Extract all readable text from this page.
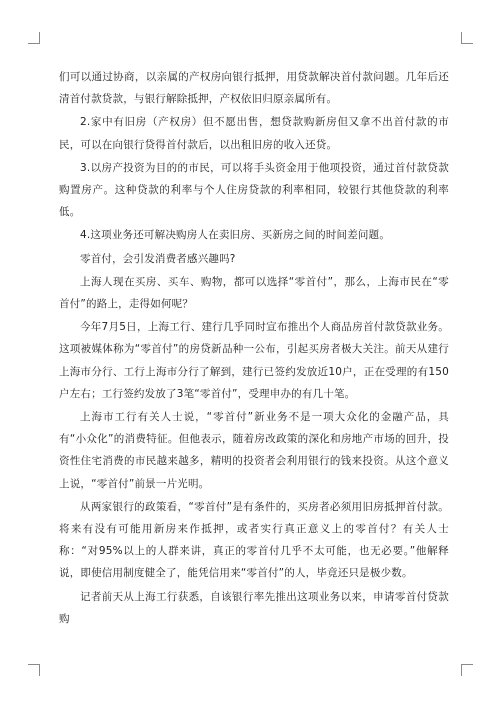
们可以通过协商，以亲属的产权房向银行抵押，用贷款解决首付款问题。几年后还清首付款贷款，与银行解除抵押，产权依旧归原亲属所有。

2.家中有旧房（产权房）但不愿出售，想贷款购新房但又拿不出首付款的市民，可以在向银行贷得首付款后，以出租旧房的收入还贷。

3.以房产投资为目的的市民，可以将手头资金用于他项投资，通过首付款贷款购置房产。这种贷款的利率与个人住房贷款的利率相同，较银行其他贷款的利率低。

4.这项业务还可解决购房人在卖旧房、买新房之间的时间差问题。

零首付，会引发消费者感兴趣吗?

上海人现在买房、买车、购物，都可以选择“零首付”，那么，上海市民在“零首付”的路上，走得如何呢？

今年7月5日，上海工行、建行几乎同时宣布推出个人商品房首付款贷款业务。这项被媒体称为“零首付”的房贷新品种一公布，引起买房者极大关注。前天从建行上海市分行、工行上海市分行了解到，建行已签约发放近10户，正在受理的有150户左右；工行签约发放了3笔“零首付”，受理申办的有几十笔。

上海市工行有关人士说，“零首付”新业务不是一项大众化的金融产品，具有“小众化”的消费特征。但他表示，随着房改政策的深化和房地产市场的回升，投资性住宅消费的市民越来越多，精明的投资者会利用银行的钱来投资。从这个意义上说，“零首付”前景一片光明。

从两家银行的政策看，“零首付”是有条件的，买房者必须用旧房抵押首付款。将来有没有可能用新房来作抵押，或者实行真正意义上的零首付？有关人士称：“对95%以上的人群来讲，真正的零首付几乎不太可能，也无必要。”他解释说，即使信用制度健全了，能凭信用来“零首付”的人，毕竟还只是极少数。

记者前天从上海工行获悉，自该银行率先推出这项业务以来，申请零首付贷款购
